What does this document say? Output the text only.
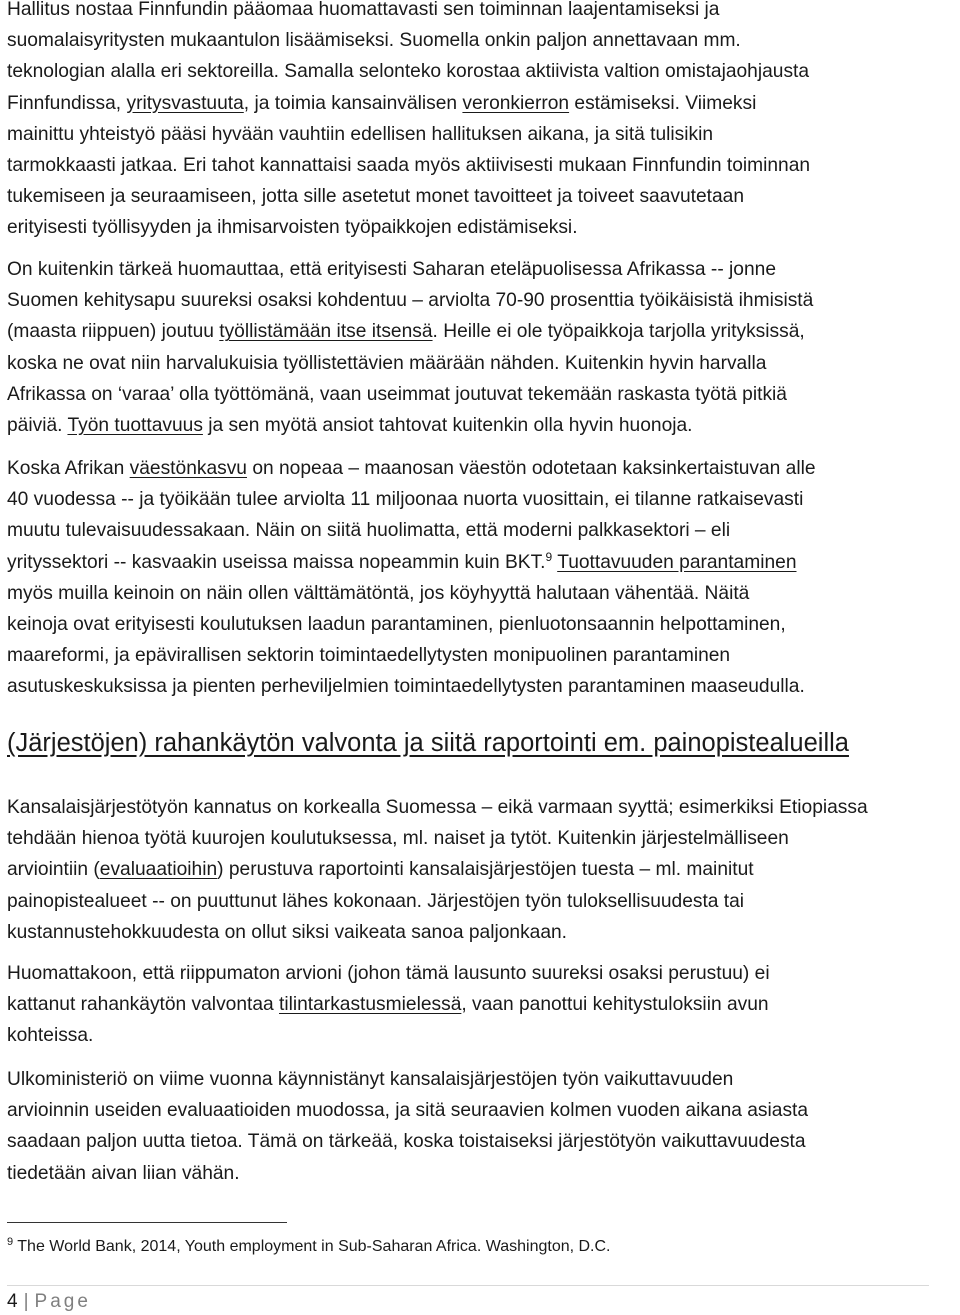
Hallitus nostaa Finnfundin pääomaa huomattavasti sen toiminnan laajentamiseksi ja
suomalaisyritysten mukaantulon lisäämiseksi. Suomella onkin paljon annettavaan mm.
teknologian alalla eri sektoreilla. Samalla selonteko korostaa aktiivista valtion omistajaohjausta
Finnfundissa, yritysvastuuta, ja toimia kansainvälisen veronkierron estämiseksi. Viimeksi
mainittu yhteistyö pääsi hyvään vauhtiin edellisen hallituksen aikana, ja sitä tulisikin
tarmokkaasti jatkaa. Eri tahot kannattaisi saada myös aktiivisesti mukaan Finnfundin toiminnan
tukemiseen ja seuraamiseen, jotta sille asetetut monet tavoitteet ja toiveet saavutetaan
erityisesti työllisyyden ja ihmisarvoisten työpaikkojen edistämiseksi.

On kuitenkin tärkeä huomauttaa, että erityisesti Saharan eteläpuolisessa Afrikassa -- jonne
Suomen kehitysapu suureksi osaksi kohdentuu – arviolta 70-90 prosenttia työikäisistä ihmisistä
(maasta riippuen) joutuu työllistämään itse itsensä. Heille ei ole työpaikkoja tarjolla yrityksissä,
koska ne ovat niin harvalukuisia työllistettävien määrään nähden. Kuitenkin hyvin harvalla
Afrikassa on ‘varaa’ olla työttömänä, vaan useimmat joutuvat tekemään raskasta työtä pitkiä
päiviä. Työn tuottavuus ja sen myötä ansiot tahtovat kuitenkin olla hyvin huonoja.

Koska Afrikan väestönkasvu on nopeaa – maanosan väestön odotetaan kaksinkertaistuvan alle
40 vuodessa -- ja työikään tulee arviolta 11 miljoonaa nuorta vuosittain, ei tilanne ratkaisevasti
muutu tulevaisuudessakaan. Näin on siitä huolimatta, että moderni palkkasektori – eli
yrityssektori -- kasvaakin useissa maissa nopeammin kuin BKT.$^9$ Tuottavuuden parantaminen
myös muilla keinoin on näin ollen välttämätöntä, jos köyhyyttä halutaan vähentää. Näitä
keinoja ovat erityisesti koulutuksen laadun parantaminen, pienluotonsaannin helpottaminen,
maareformi, ja epävirallisen sektorin toimintaedellytysten monipuolinen parantaminen
asutuskeskuksissa ja pienten perheviljelmien toimintaedellytysten parantaminen maaseudulla.

(Järjestöjen) rahankäytön valvonta ja siitä raportointi em. painopistealueilla

Kansalaisjärjestötyön kannatus on korkealla Suomessa – eikä varmaan syyttä; esimerkiksi Etiopiassa
tehdään hienoa työtä kuurojen koulutuksessa, ml. naiset ja tytöt. Kuitenkin järjestelmälliseen
arviointiin (evaluaatioihin) perustuva raportointi kansalaisjärjestöjen tuesta – ml. mainitut
painopistealueet -- on puuttunut lähes kokonaan. Järjestöjen työn tuloksellisuudesta tai
kustannustehokkuudesta on ollut siksi vaikeata sanoa paljonkaan.

Huomattakoon, että riippumaton arvioni (johon tämä lausunto suureksi osaksi perustuu) ei
kattanut rahankäytön valvontaa tilintarkastusmielessä, vaan panottui kehitystuloksiin avun
kohteissa.

Ulkoministeriö on viime vuonna käynnistänyt kansalaisjärjestöjen työn vaikuttavuuden
arvioinnin useiden evaluaatioiden muodossa, ja sitä seuraavien kolmen vuoden aikana asiasta
saadaan paljon uutta tietoa. Tämä on tärkeää, koska toistaiseksi järjestötyön vaikuttavuudesta
tiedetään aivan liian vähän.

$^9$ The World Bank, 2014, Youth employment in Sub-Saharan Africa. Washington, D.C.

4 | Page
